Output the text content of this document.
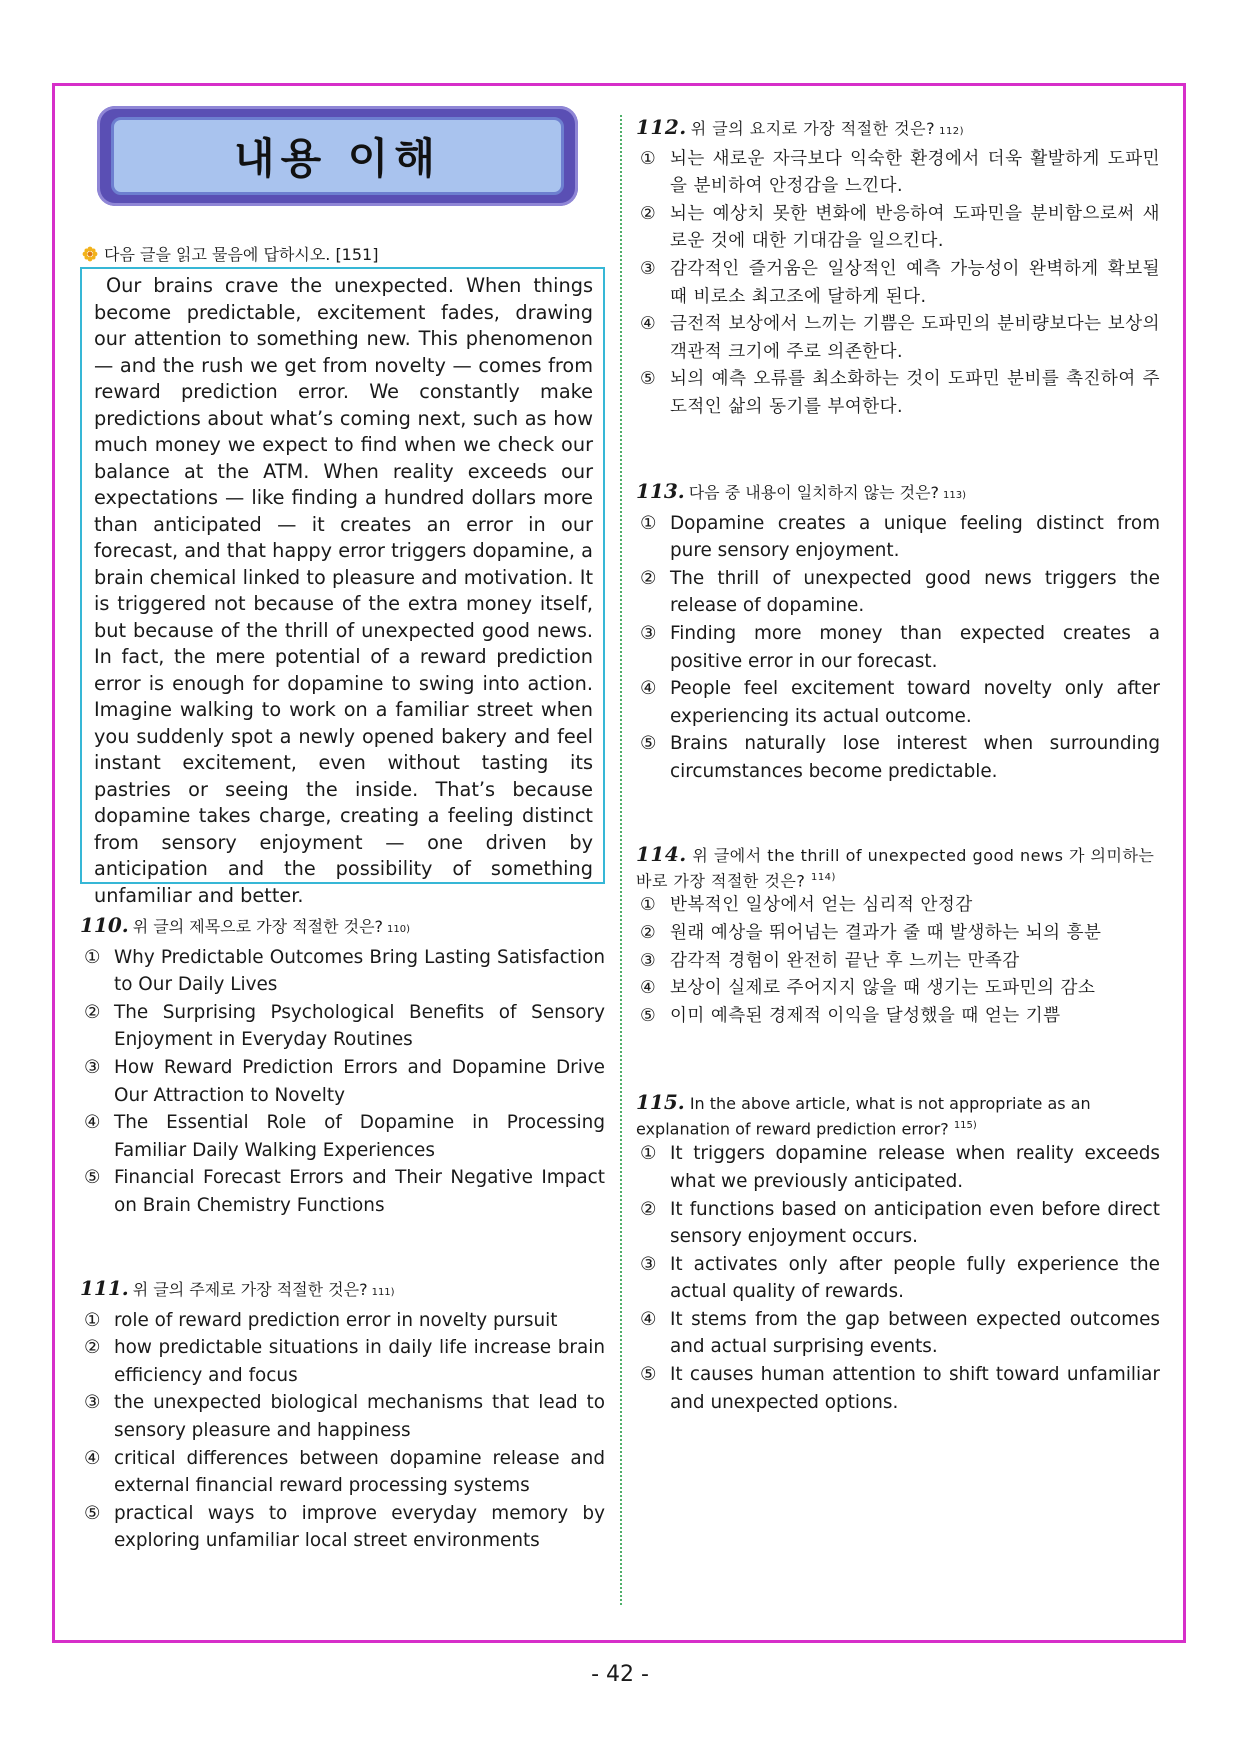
내용 이해
다음 글을 읽고 물음에 답하시오. [151]
Our brains crave the unexpected. When things become predictable, excitement fades, drawing our attention to something new. This phenomenon — and the rush we get from novelty — comes from reward prediction error. We constantly make predictions about what’s coming next, such as how much money we expect to find when we check our balance at the ATM. When reality exceeds our expectations — like finding a hundred dollars more than anticipated — it creates an error in our forecast, and that happy error triggers dopamine, a brain chemical linked to pleasure and motivation. It is triggered not because of the extra money itself, but because of the thrill of unexpected good news. In fact, the mere potential of a reward prediction error is enough for dopamine to swing into action. Imagine walking to work on a familiar street when you suddenly spot a newly opened bakery and feel instant excitement, even without tasting its pastries or seeing the inside. That’s because dopamine takes charge, creating a feeling distinct from sensory enjoyment — one driven by anticipation and the possibility of something unfamiliar and better.
110. 위 글의 제목으로 가장 적절한 것은? 110)
① Why Predictable Outcomes Bring Lasting Satisfaction to Our Daily Lives
② The Surprising Psychological Benefits of Sensory Enjoyment in Everyday Routines
③ How Reward Prediction Errors and Dopamine Drive Our Attraction to Novelty
④ The Essential Role of Dopamine in Processing Familiar Daily Walking Experiences
⑤ Financial Forecast Errors and Their Negative Impact on Brain Chemistry Functions
111. 위 글의 주제로 가장 적절한 것은? 111)
① role of reward prediction error in novelty pursuit
② how predictable situations in daily life increase brain efficiency and focus
③ the unexpected biological mechanisms that lead to sensory pleasure and happiness
④ critical differences between dopamine release and external financial reward processing systems
⑤ practical ways to improve everyday memory by exploring unfamiliar local street environments
112. 위 글의 요지로 가장 적절한 것은? 112)
① 뇌는 새로운 자극보다 익숙한 환경에서 더욱 활발하게 도파민을 분비하여 안정감을 느낀다.
② 뇌는 예상치 못한 변화에 반응하여 도파민을 분비함으로써 새로운 것에 대한 기대감을 일으킨다.
③ 감각적인 즐거움은 일상적인 예측 가능성이 완벽하게 확보될 때 비로소 최고조에 달하게 된다.
④ 금전적 보상에서 느끼는 기쁨은 도파민의 분비량보다는 보상의 객관적 크기에 주로 의존한다.
⑤ 뇌의 예측 오류를 최소화하는 것이 도파민 분비를 촉진하여 주도적인 삶의 동기를 부여한다.
113. 다음 중 내용이 일치하지 않는 것은? 113)
① Dopamine creates a unique feeling distinct from pure sensory enjoyment.
② The thrill of unexpected good news triggers the release of dopamine.
③ Finding more money than expected creates a positive error in our forecast.
④ People feel excitement toward novelty only after experiencing its actual outcome.
⑤ Brains naturally lose interest when surrounding circumstances become predictable.
114. 위 글에서 the thrill of unexpected good news 가 의미하는 바로 가장 적절한 것은? $^{114)}$
① 반복적인 일상에서 얻는 심리적 안정감
② 원래 예상을 뛰어넘는 결과가 줄 때 발생하는 뇌의 흥분
③ 감각적 경험이 완전히 끝난 후 느끼는 만족감
④ 보상이 실제로 주어지지 않을 때 생기는 도파민의 감소
⑤ 이미 예측된 경제적 이익을 달성했을 때 얻는 기쁨
115. In the above article, what is not appropriate as an explanation of reward prediction error? $^{115)}$
① It triggers dopamine release when reality exceeds what we previously anticipated.
② It functions based on anticipation even before direct sensory enjoyment occurs.
③ It activates only after people fully experience the actual quality of rewards.
④ It stems from the gap between expected outcomes and actual surprising events.
⑤ It causes human attention to shift toward unfamiliar and unexpected options.
- 42 -
